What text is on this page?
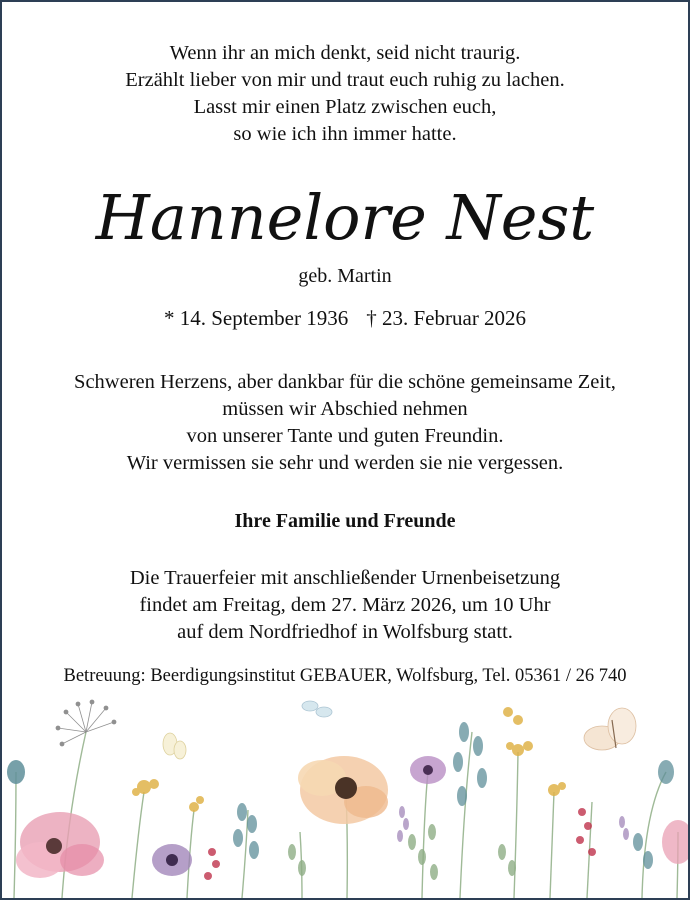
Wenn ihr an mich denkt, seid nicht traurig.
Erzählt lieber von mir und traut euch ruhig zu lachen.
Lasst mir einen Platz zwischen euch,
so wie ich ihn immer hatte.
Hannelore Nest
geb. Martin
* 14. September 1936 † 23. Februar 2026
Schweren Herzens, aber dankbar für die schöne gemeinsame Zeit,
müssen wir Abschied nehmen
von unserer Tante und guten Freundin.
Wir vermissen sie sehr und werden sie nie vergessen.
Ihre Familie und Freunde
Die Trauerfeier mit anschließender Urnenbeisetzung
findet am Freitag, dem 27. März 2026, um 10 Uhr
auf dem Nordfriedhof in Wolfsburg statt.
Betreuung: Beerdigungsinstitut GEBAUER, Wolfsburg, Tel. 05361 / 26 740
